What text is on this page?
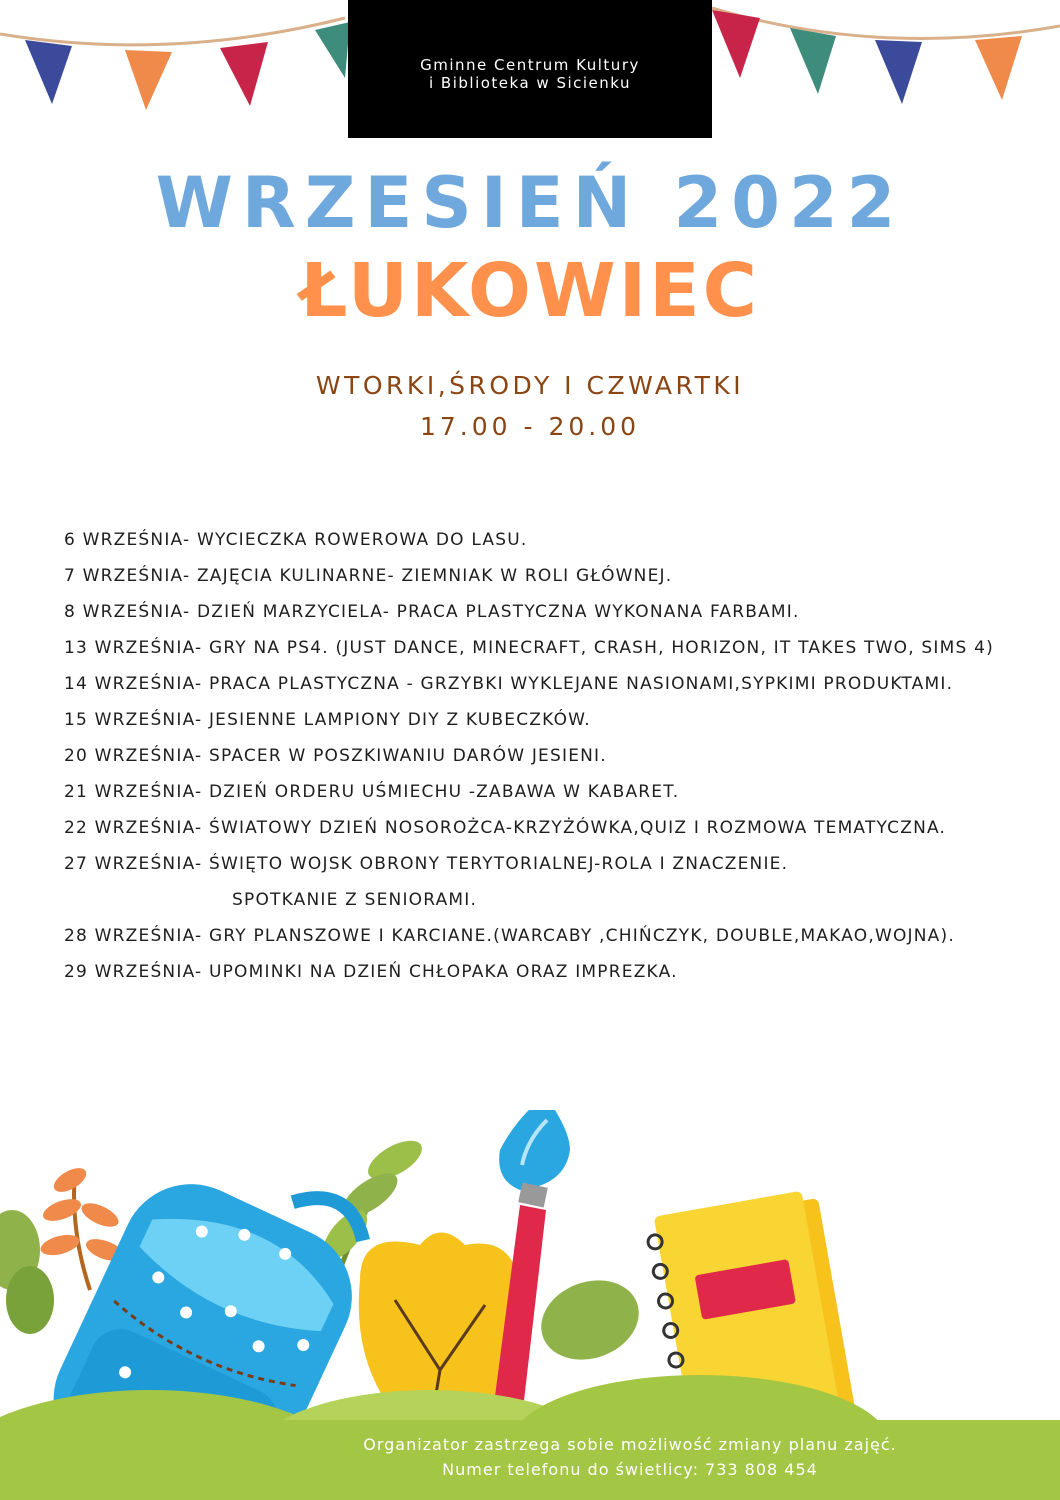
Gminne Centrum Kultury
i Biblioteka w Sicienku
WRZESIEŃ 2022
ŁUKOWIEC
WTORKI,ŚRODY I CZWARTKI
17.00 - 20.00
6 WRZEŚNIA- WYCIECZKA ROWEROWA DO LASU.
7 WRZEŚNIA- ZAJĘCIA KULINARNE- ZIEMNIAK W ROLI GŁÓWNEJ.
8 WRZEŚNIA- DZIEŃ MARZYCIELA- PRACA PLASTYCZNA WYKONANA FARBAMI.
13 WRZEŚNIA- GRY NA PS4. (JUST DANCE, MINECRAFT, CRASH, HORIZON, IT TAKES TWO, SIMS 4)
14 WRZEŚNIA- PRACA PLASTYCZNA - GRZYBKI WYKLEJANE NASIONAMI,SYPKIMI PRODUKTAMI.
15 WRZEŚNIA- JESIENNE LAMPIONY DIY Z KUBECZKÓW.
20 WRZEŚNIA- SPACER W POSZKIWANIU DARÓW JESIENI.
21 WRZEŚNIA- DZIEŃ ORDERU UŚMIECHU -ZABAWA W KABARET.
22 WRZEŚNIA- ŚWIATOWY DZIEŃ NOSOROŻCA-KRZYŻÓWKA,QUIZ I ROZMOWA TEMATYCZNA.
27 WRZEŚNIA- ŚWIĘTO WOJSK OBRONY TERYTORIALNEJ-ROLA I ZNACZENIE.
SPOTKANIE Z SENIORAMI.
28 WRZEŚNIA- GRY PLANSZOWE I KARCIANE.(WARCABY ,CHIŃCZYK, DOUBLE,MAKAO,WOJNA).
29 WRZEŚNIA- UPOMINKI NA DZIEŃ CHŁOPAKA ORAZ IMPREZKA.
Organizator zastrzega sobie możliwość zmiany planu zajęć.
Numer telefonu do świetlicy: 733 808 454
